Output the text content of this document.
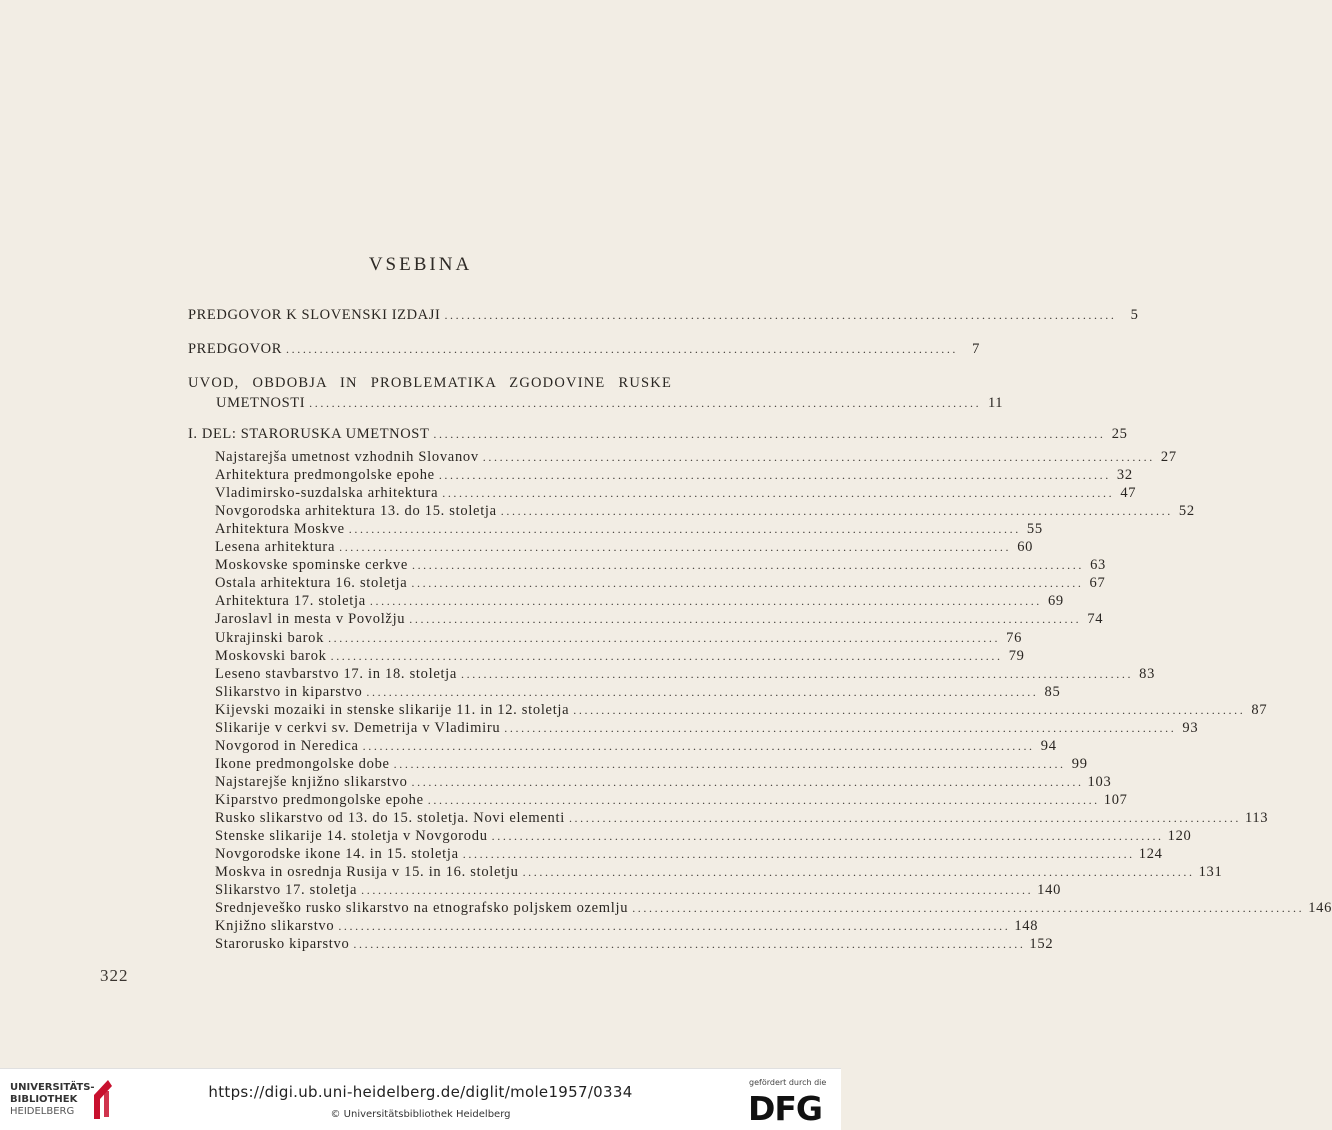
VSEBINA
PREDGOVOR K SLOVENSKI IZDAJI ........................................................................................................................ 5
PREDGOVOR ........................................................................................................................ 7
UVOD, OBDOBJA IN PROBLEMATIKA ZGODOVINE RUSKE
UMETNOSTI ........................................................................................................................ 11
I. DEL: STARORUSKA UMETNOST ........................................................................................................................ 25
Najstarejša umetnost vzhodnih Slovanov ........................................................................................................................ 27
Arhitektura predmongolske epohe ........................................................................................................................ 32
Vladimirsko-suzdalska arhitektura ........................................................................................................................ 47
Novgorodska arhitektura 13. do 15. stoletja ........................................................................................................................ 52
Arhitektura Moskve ........................................................................................................................ 55
Lesena arhitektura ........................................................................................................................ 60
Moskovske spominske cerkve ........................................................................................................................ 63
Ostala arhitektura 16. stoletja ........................................................................................................................ 67
Arhitektura 17. stoletja ........................................................................................................................ 69
Jaroslavl in mesta v Povolžju ........................................................................................................................ 74
Ukrajinski barok ........................................................................................................................ 76
Moskovski barok ........................................................................................................................ 79
Leseno stavbarstvo 17. in 18. stoletja ........................................................................................................................ 83
Slikarstvo in kiparstvo ........................................................................................................................ 85
Kijevski mozaiki in stenske slikarije 11. in 12. stoletja ........................................................................................................................ 87
Slikarije v cerkvi sv. Demetrija v Vladimiru ........................................................................................................................ 93
Novgorod in Neredica ........................................................................................................................ 94
Ikone predmongolske dobe ........................................................................................................................ 99
Najstarejše knjižno slikarstvo ........................................................................................................................ 103
Kiparstvo predmongolske epohe ........................................................................................................................ 107
Rusko slikarstvo od 13. do 15. stoletja. Novi elementi ........................................................................................................................ 113
Stenske slikarije 14. stoletja v Novgorodu ........................................................................................................................ 120
Novgorodske ikone 14. in 15. stoletja ........................................................................................................................ 124
Moskva in osrednja Rusija v 15. in 16. stoletju ........................................................................................................................ 131
Slikarstvo 17. stoletja ........................................................................................................................ 140
Srednjeveško rusko slikarstvo na etnografsko poljskem ozemlju ........................................................................................................................ 146
Knjižno slikarstvo ........................................................................................................................ 148
Starorusko kiparstvo ........................................................................................................................ 152
322
UNIVERSITÄTS-
BIBLIOTHEK
HEIDELBERG
https://digi.ub.uni-heidelberg.de/diglit/mole1957/0334
© Universitätsbibliothek Heidelberg
gefördert durch die
DFG
